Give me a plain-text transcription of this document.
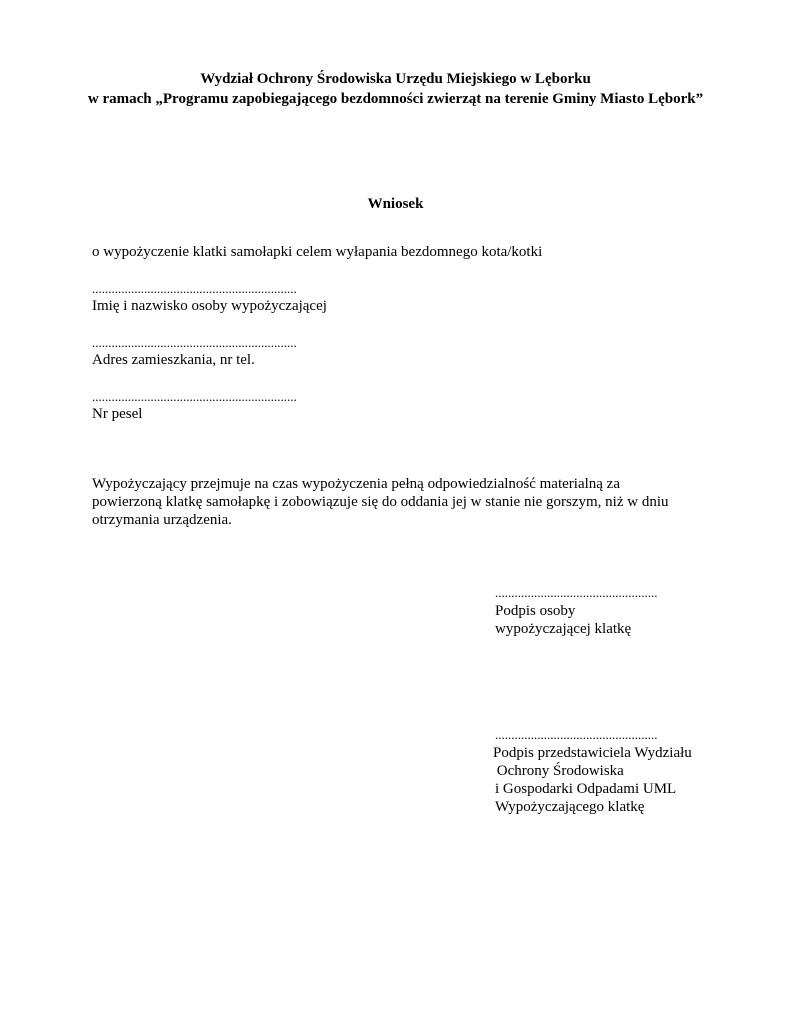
Wydział Ochrony Środowiska Urzędu Miejskiego w Lęborku
w ramach „Programu zapobiegającego bezdomności zwierząt na terenie Gminy Miasto Lębork”
Wniosek
o wypożyczenie klatki samołapki celem wyłapania bezdomnego kota/kotki
...............................................................
Imię i nazwisko osoby wypożyczającej
...............................................................
Adres zamieszkania, nr tel.
...............................................................
Nr pesel
Wypożyczający przejmuje na czas wypożyczenia pełną odpowiedzialność materialną za
powierzoną klatkę samołapkę i zobowiązuje się do oddania jej w stanie nie gorszym, niż w dniu
otrzymania urządzenia.
..................................................
Podpis osoby
wypożyczającej klatkę
..................................................
Podpis przedstawiciela Wydziału
Ochrony Środowiska
i Gospodarki Odpadami UML
Wypożyczającego klatkę
